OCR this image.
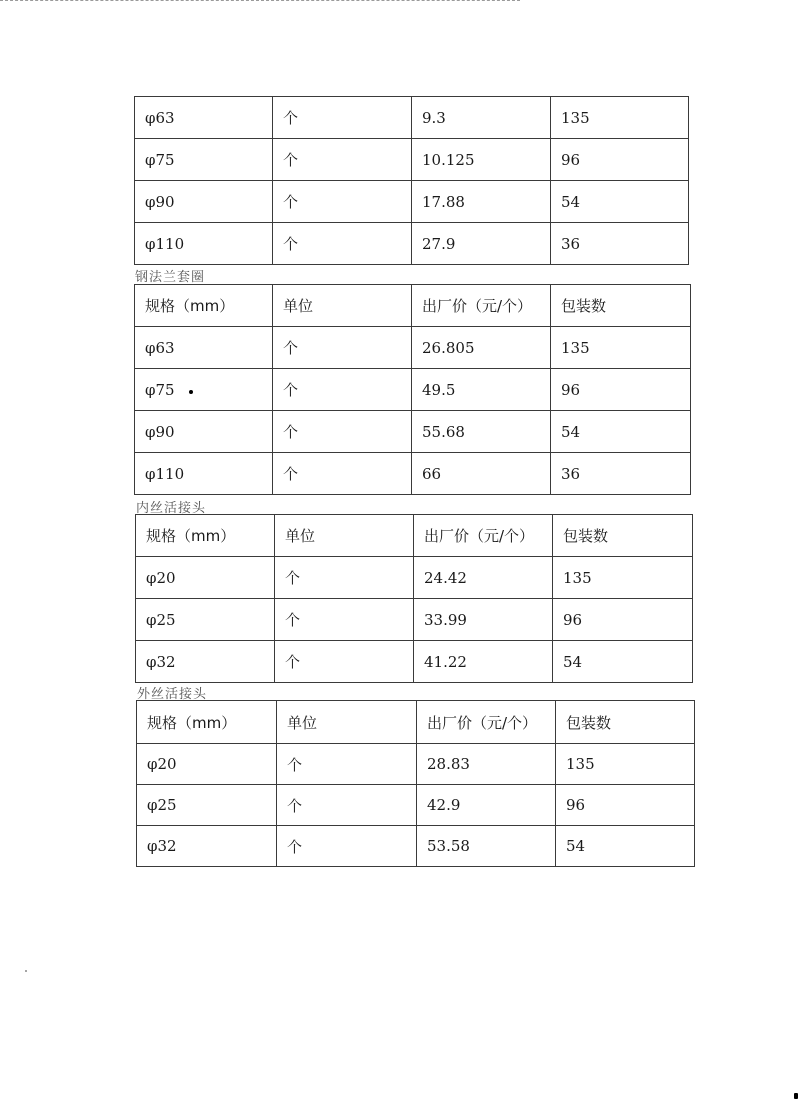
φ63	个	9.3	135
φ75	个	10.125	96
φ90	个	17.88	54
φ110	个	27.9	36
钢法兰套圈
规格（mm）	单位	出厂价（元/个）	包装数
φ63	个	26.805	135
φ75	个	49.5	96
φ90	个	55.68	54
φ110	个	66	36
内丝活接头
规格（mm）	单位	出厂价（元/个）	包装数
φ20	个	24.42	135
φ25	个	33.99	96
φ32	个	41.22	54
外丝活接头
规格（mm）	单位	出厂价（元/个）	包装数
φ20	个	28.83	135
φ25	个	42.9	96
φ32	个	53.58	54
